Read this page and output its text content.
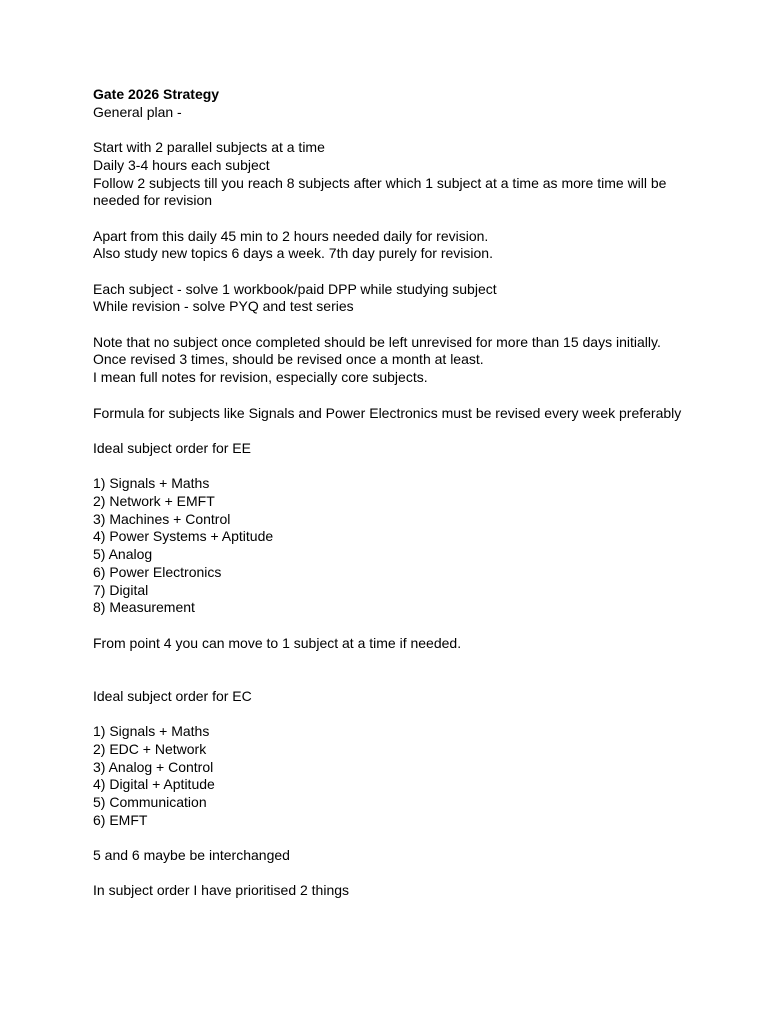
Gate 2026 Strategy
General plan -
Start with 2 parallel subjects at a time
Daily 3-4 hours each subject
Follow 2 subjects till you reach 8 subjects after which 1 subject at a time as more time will be needed for revision
Apart from this daily 45 min to 2 hours needed daily for revision.
Also study new topics 6 days a week. 7th day purely for revision.
Each subject - solve 1 workbook/paid DPP while studying subject
While revision - solve PYQ and test series
Note that no subject once completed should be left unrevised for more than 15 days initially.
Once revised 3 times, should be revised once a month at least.
I mean full notes for revision, especially core subjects.
Formula for subjects like Signals and Power Electronics must be revised every week preferably
Ideal subject order for EE
1) Signals + Maths
2) Network + EMFT
3) Machines + Control
4) Power Systems + Aptitude
5) Analog
6) Power Electronics
7) Digital
8) Measurement
From point 4 you can move to 1 subject at a time if needed.
Ideal subject order for EC
1) Signals + Maths
2) EDC + Network
3) Analog + Control
4) Digital + Aptitude
5) Communication
6) EMFT
5 and 6 maybe be interchanged
In subject order I have prioritised 2 things
